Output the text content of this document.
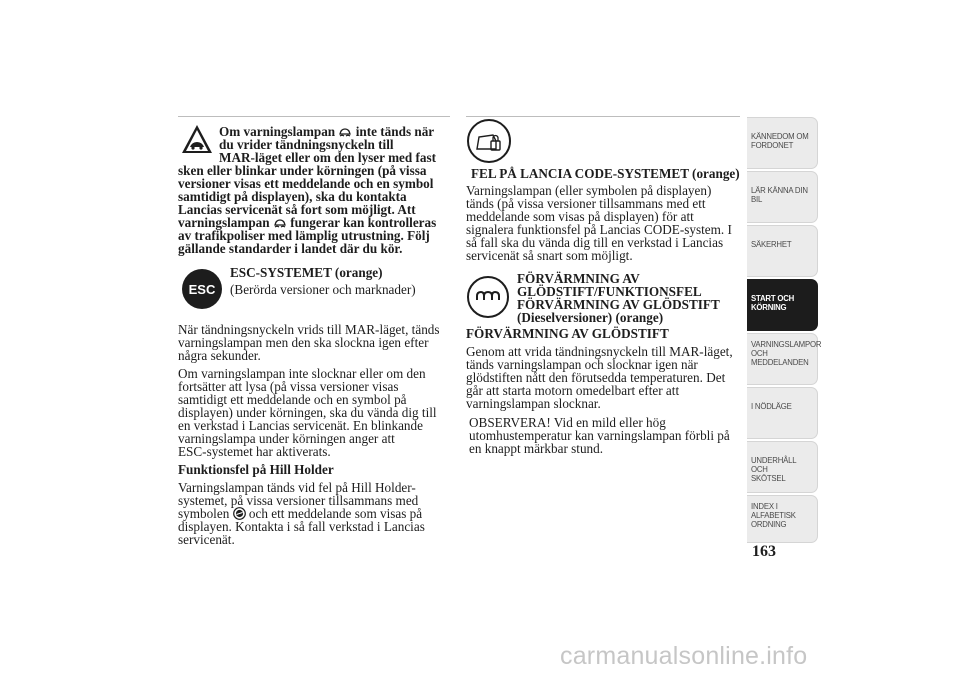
Om varningslampan inte tänds när
du vrider tändningsnyckeln till
MAR-läget eller om den lyser med fast
sken eller blinkar under körningen (på vissa
versioner visas ett meddelande och en symbol
samtidigt på displayen), ska du kontakta
Lancias servicenät så fort som möjligt. Att
varningslampan fungerar kan kontrolleras
av trafikpoliser med lämplig utrustning. Följ
gällande standarder i landet där du kör.
ESC
ESC-SYSTEMET (orange)
(Berörda versioner och marknader)
När tändningsnyckeln vrids till MAR-läget, tänds
varningslampan men den ska slockna igen efter
några sekunder.
Om varningslampan inte slocknar eller om den
fortsätter att lysa (på vissa versioner visas
samtidigt ett meddelande och en symbol på
displayen) under körningen, ska du vända dig till
en verkstad i Lancias servicenät. En blinkande
varningslampa under körningen anger att
ESC-systemet har aktiverats.
Funktionsfel på Hill Holder
Varningslampan tänds vid fel på Hill Holder-
systemet, på vissa versioner tillsammans med
symbolen och ett meddelande som visas på
displayen. Kontakta i så fall verkstad i Lancias
servicenät.
FEL PÅ LANCIA CODE-SYSTEMET (orange)
Varningslampan (eller symbolen på displayen)
tänds (på vissa versioner tillsammans med ett
meddelande som visas på displayen) för att
signalera funktionsfel på Lancias CODE-system. I
så fall ska du vända dig till en verkstad i Lancias
servicenät så snart som möjligt.
FÖRVÄRMNING AV
GLÖDSTIFT/FUNKTIONSFEL
FÖRVÄRMNING AV GLÖDSTIFT
(Dieselversioner) (orange)
FÖRVÄRMNING AV GLÖDSTIFT
Genom att vrida tändningsnyckeln till MAR-läget,
tänds varningslampan och slocknar igen när
glödstiften nått den förutsedda temperaturen. Det
går att starta motorn omedelbart efter att
varningslampan slocknar.
OBSERVERA! Vid en mild eller hög
utomhustemperatur kan varningslampan förbli på
en knappt märkbar stund.
KÄNNEDOM OM
FORDONET
LÄR KÄNNA DIN
BIL
SÄKERHET
START OCH
KÖRNING
VARNINGSLAMPOR
OCH
MEDDELANDEN
I NÖDLÄGE
UNDERHÅLL OCH
SKÖTSEL
INDEX I
ALFABETISK
ORDNING
163
carmanualsonline.info
